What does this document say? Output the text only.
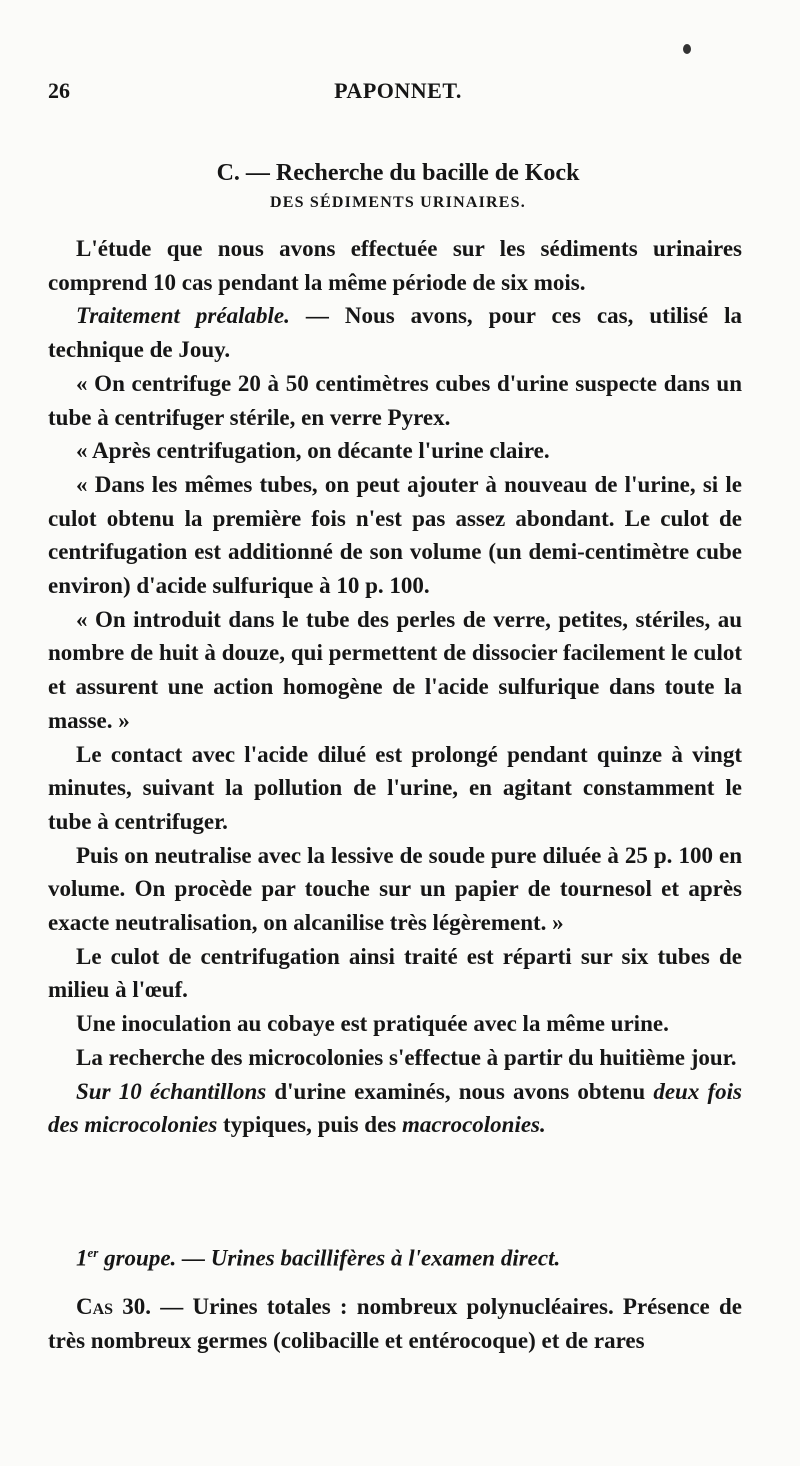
26	PAPONNET.
C. — Recherche du bacille de Kock
DES SÉDIMENTS URINAIRES.

L'étude que nous avons effectuée sur les sédiments urinaires comprend 10 cas pendant la même période de six mois.

Traitement préalable. — Nous avons, pour ces cas, utilisé la technique de Jouy.

« On centrifuge 20 à 50 centimètres cubes d'urine suspecte dans un tube à centrifuger stérile, en verre Pyrex.

« Après centrifugation, on décante l'urine claire.

« Dans les mêmes tubes, on peut ajouter à nouveau de l'urine, si le culot obtenu la première fois n'est pas assez abondant. Le culot de centrifugation est additionné de son volume (un demi-centimètre cube environ) d'acide sulfurique à 10 p. 100.

« On introduit dans le tube des perles de verre, petites, stériles, au nombre de huit à douze, qui permettent de dissocier facilement le culot et assurent une action homogène de l'acide sulfurique dans toute la masse. »

Le contact avec l'acide dilué est prolongé pendant quinze à vingt minutes, suivant la pollution de l'urine, en agitant constamment le tube à centrifuger.

Puis on neutralise avec la lessive de soude pure diluée à 25 p. 100 en volume. On procède par touche sur un papier de tournesol et après exacte neutralisation, on alcanilise très légèrement. »

Le culot de centrifugation ainsi traité est réparti sur six tubes de milieu à l'œuf.

Une inoculation au cobaye est pratiquée avec la même urine.

La recherche des microcolonies s'effectue à partir du huitième jour.

Sur 10 échantillons d'urine examinés, nous avons obtenu deux fois des microcolonies typiques, puis des macrocolonies.

1er groupe. — Urines bacillifères à l'examen direct.

Cas 30. — Urines totales : nombreux polynucléaires. Présence de très nombreux germes (colibacille et entérocoque) et de rares
